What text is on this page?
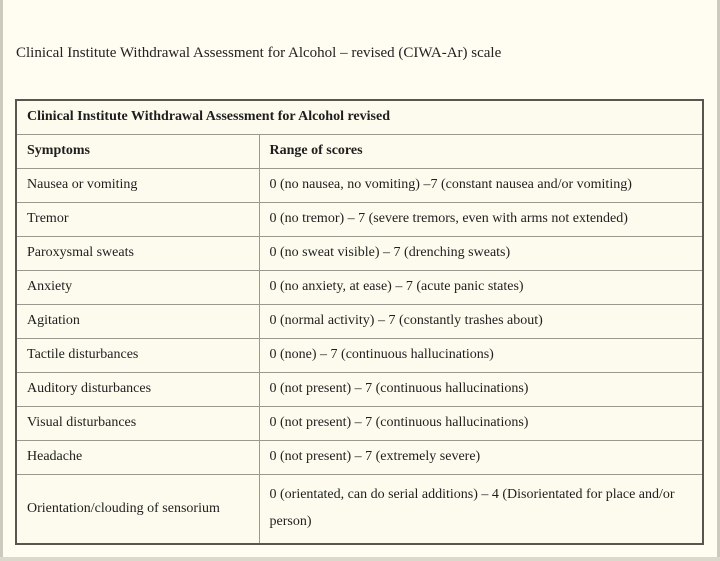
Clinical Institute Withdrawal Assessment for Alcohol – revised (CIWA-Ar) scale
Clinical Institute Withdrawal Assessment for Alcohol revised	
Symptoms	Range of scores
Nausea or vomiting	0 (no nausea, no vomiting) –7 (constant nausea and/or vomiting)
Tremor	0 (no tremor) – 7 (severe tremors, even with arms not extended)
Paroxysmal sweats	0 (no sweat visible) – 7 (drenching sweats)
Anxiety	0 (no anxiety, at ease) – 7 (acute panic states)
Agitation	0 (normal activity) – 7 (constantly trashes about)
Tactile disturbances	0 (none) – 7 (continuous hallucinations)
Auditory disturbances	0 (not present) – 7 (continuous hallucinations)
Visual disturbances	0 (not present) – 7 (continuous hallucinations)
Headache	0 (not present) – 7 (extremely severe)
Orientation/clouding of sensorium	0 (orientated, can do serial additions) – 4 (Disorientated for place and/or person)
